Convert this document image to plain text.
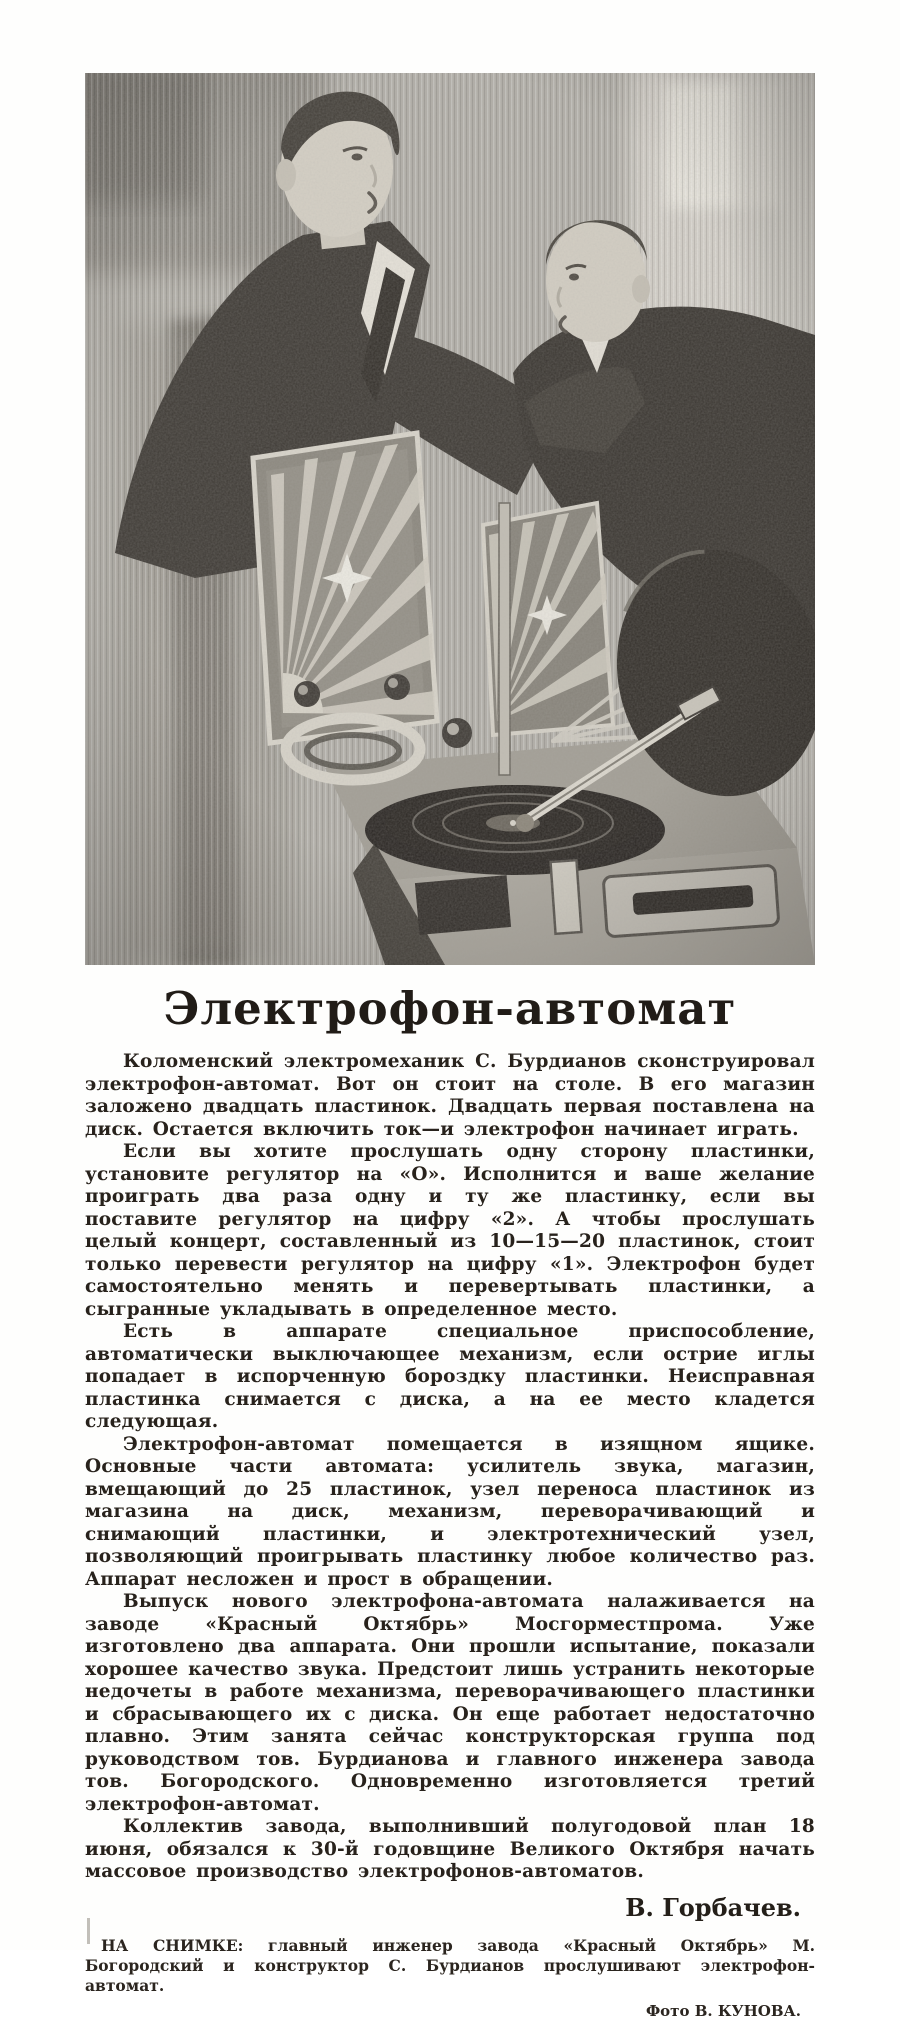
Электрофон-автомат

Коломенский электромеханик С. Бурдианов сконструировал электрофон-автомат. Вот он стоит на столе. В его магазин заложено двадцать пластинок. Двадцать первая поставлена на диск. Остается включить ток—и электрофон начинает играть.

Если вы хотите прослушать одну сторону пластинки, установите регулятор на «О». Исполнится и ваше желание проиграть два раза одну и ту же пластинку, если вы поставите регулятор на цифру «2». А чтобы прослушать целый концерт, составленный из 10—15—20 пластинок, стоит только перевести регулятор на цифру «1». Электрофон будет самостоятельно менять и перевертывать пластинки, а сыгранные укладывать в определенное место.

Есть в аппарате специальное приспособление, автоматически выключающее механизм, если острие иглы попадает в испорченную бороздку пластинки. Неисправная пластинка снимается с диска, а на ее место кладется следующая.

Электрофон-автомат помещается в изящном ящике. Основные части автомата: усилитель звука, магазин, вмещающий до 25 пластинок, узел переноса пластинок из магазина на диск, механизм, переворачивающий и снимающий пластинки, и электротехнический узел, позволяющий проигрывать пластинку любое количество раз. Аппарат несложен и прост в обращении.

Выпуск нового электрофона-автомата налаживается на заводе «Красный Октябрь» Мосгорместпрома. Уже изготовлено два аппарата. Они прошли испытание, показали хорошее качество звука. Предстоит лишь устранить некоторые недочеты в работе механизма, переворачивающего пластинки и сбрасывающего их с диска. Он еще работает недостаточно плавно. Этим занята сейчас конструкторская группа под руководством тов. Бурдианова и главного инженера завода тов. Богородского. Одновременно изготовляется третий электрофон-автомат.

Коллектив завода, выполнивший полугодовой план 18 июня, обязался к 30-й годовщине Великого Октября начать массовое производство электрофонов-автоматов.

В. Горбачев.

НА СНИМКЕ: главный инженер завода «Красный Октябрь» М. Богородский и конструктор С. Бурдианов прослушивают электрофон-автомат.

Фото В. КУНОВА.
